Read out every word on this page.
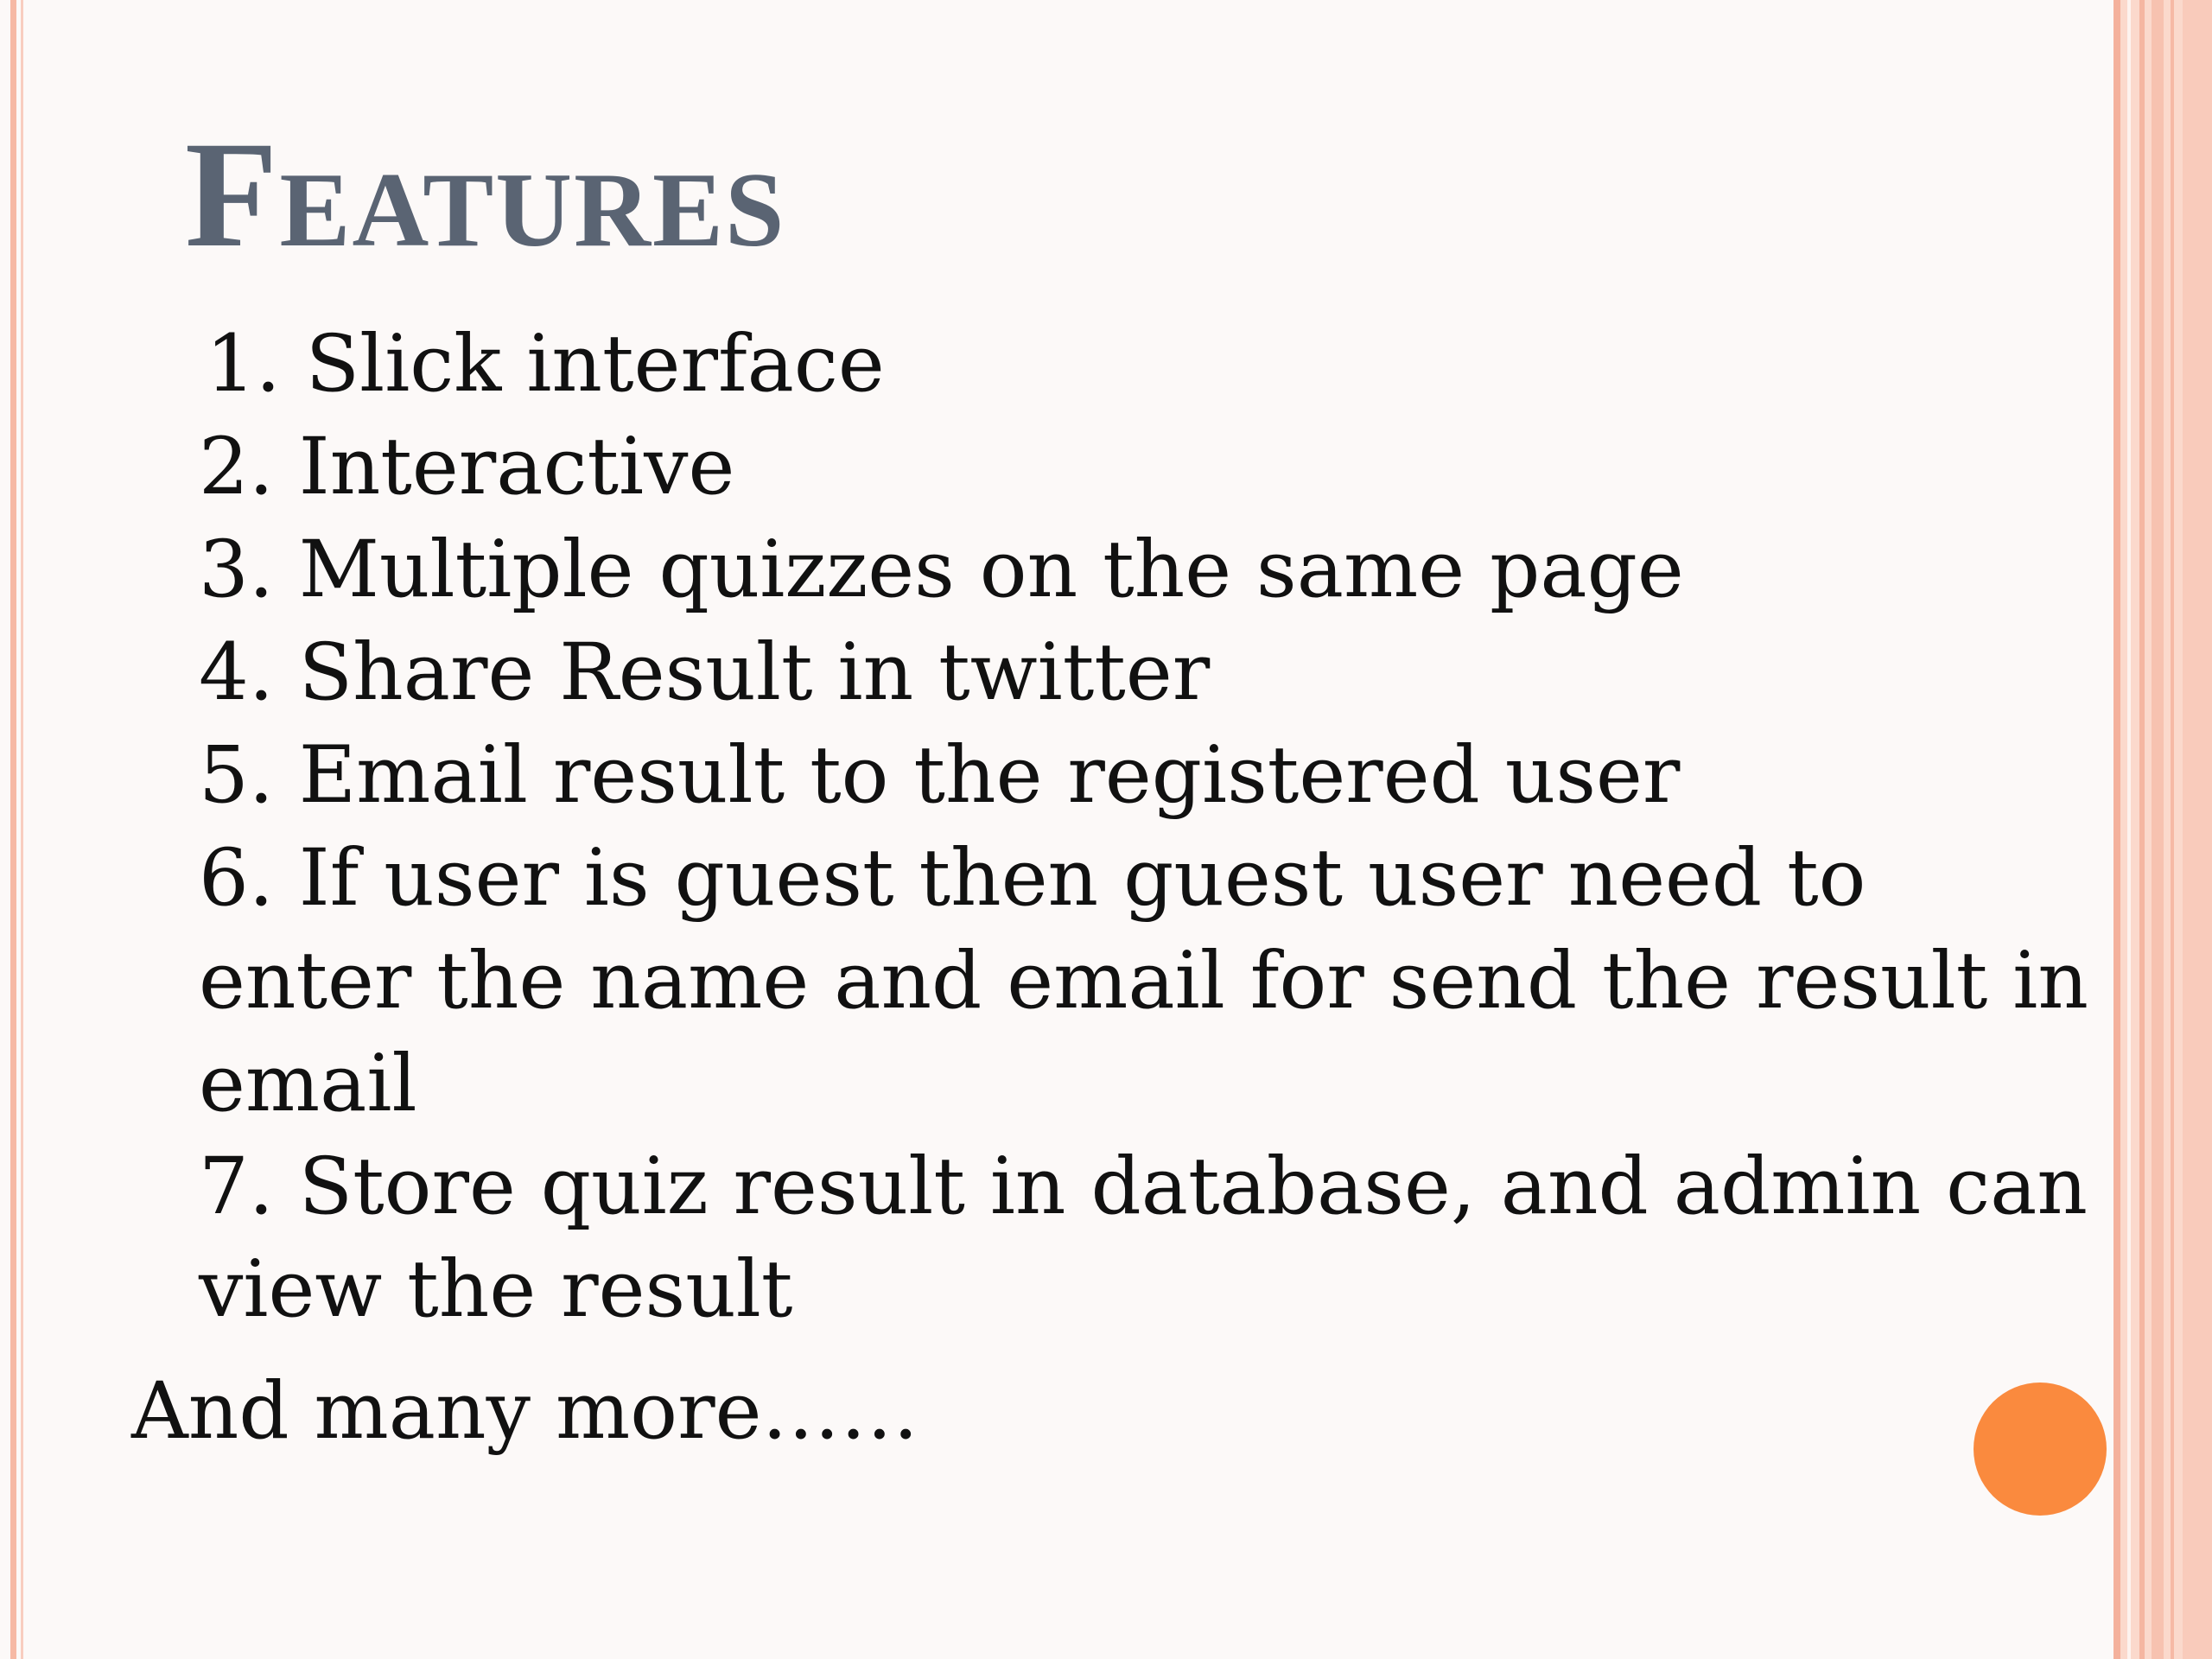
Features
1. Slick interface
2. Interactive
3. Multiple quizzes on the same page
4. Share Result in twitter
5. Email result to the registered user
6. If user is guest then guest user need to enter the name and email for send the result in email
7. Store quiz result in database, and admin can view the result

And many more……
